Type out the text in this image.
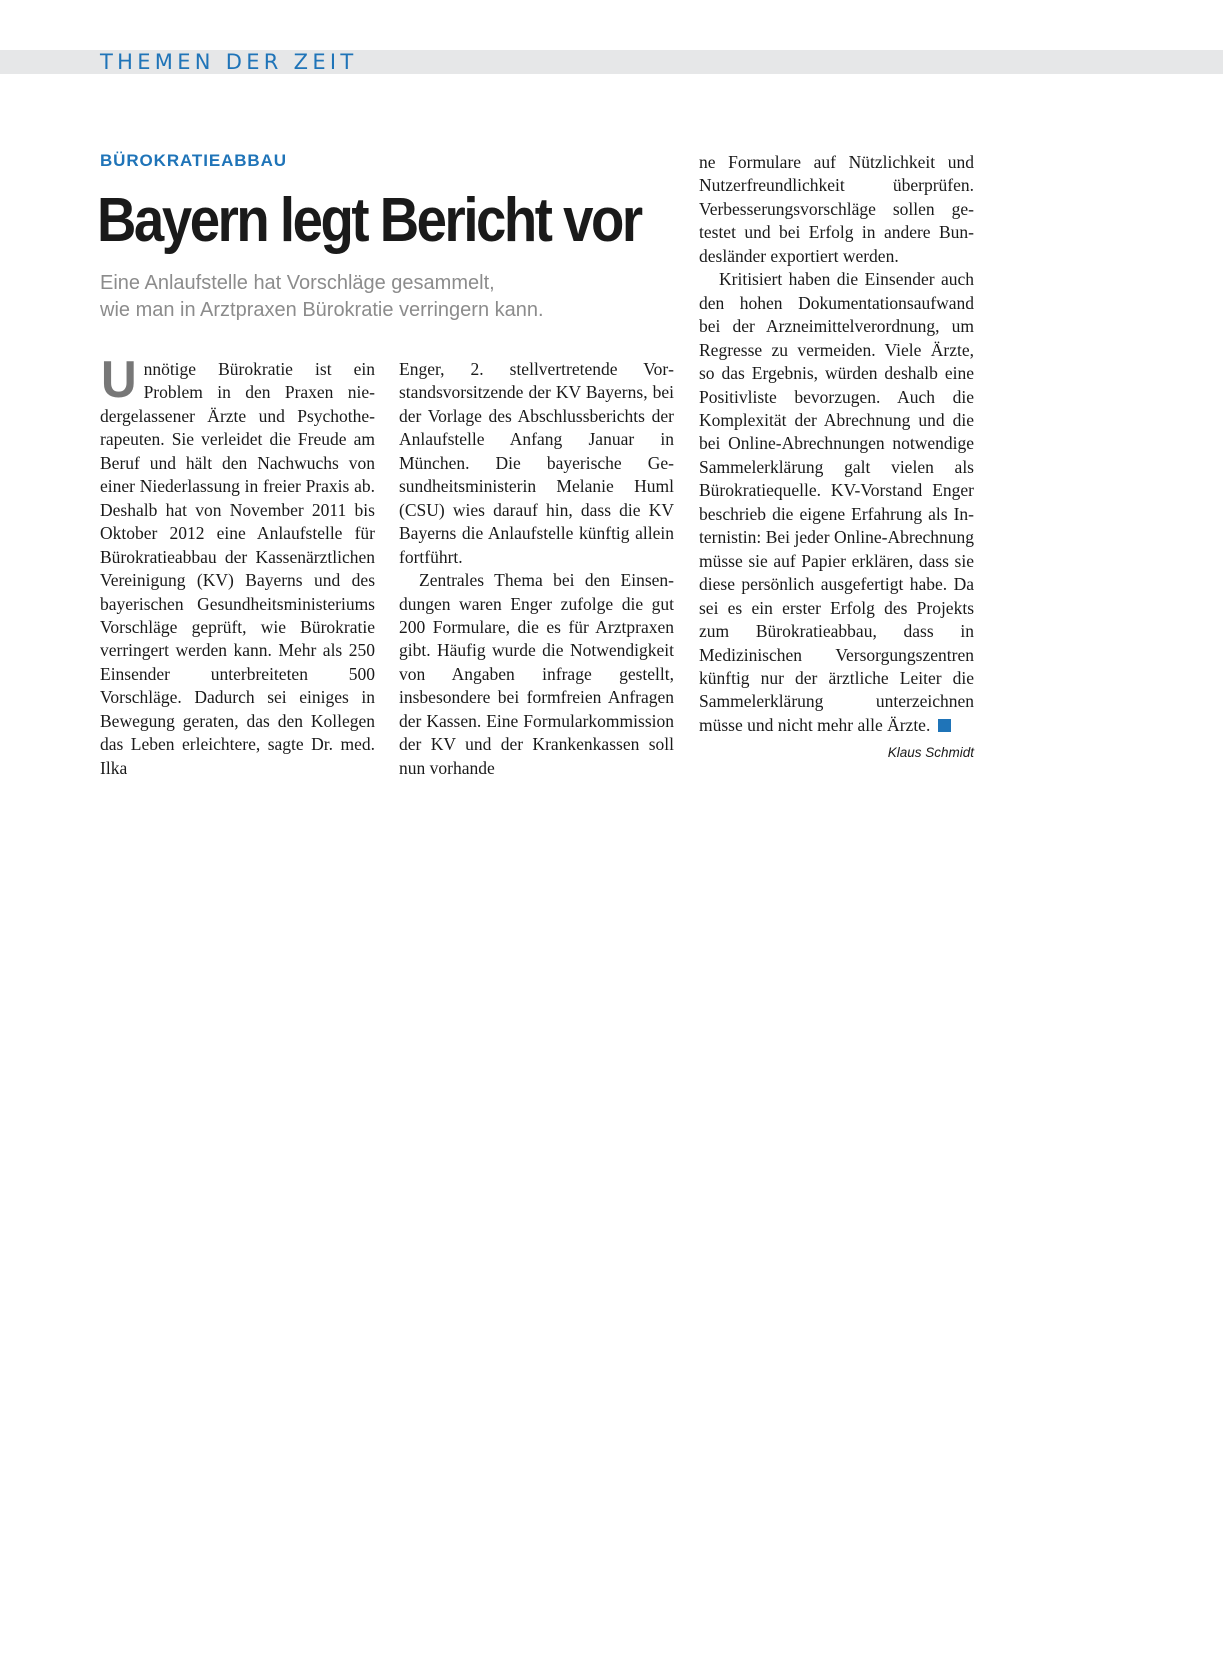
THEMEN DER ZEIT
BÜROKRATIEABBAU
Bayern legt Bericht vor
Eine Anlaufstelle hat Vorschläge gesammelt,
wie man in Arztpraxen Bürokratie verringern kann.

Unnötige Bürokratie ist ein Problem in den Praxen niedergelassener Ärzte und Psychotherapeuten. Sie verleidet die Freude am Beruf und hält den Nachwuchs von einer Niederlassung in freier Praxis ab. Deshalb hat von November 2011 bis Oktober 2012 eine Anlaufstelle für Bürokratieabbau der Kassenärztlichen Vereinigung (KV) Bayerns und des bayerischen Gesundheitsministeriums Vorschläge geprüft, wie Bürokratie verringert werden kann. Mehr als 250 Einsender unterbreiteten 500 Vorschläge. Dadurch sei einiges in Bewegung geraten, das den Kollegen das Leben erleichtere, sagte Dr. med. Ilka

Enger, 2. stellvertretende Vorstandsvorsitzende der KV Bayerns, bei der Vorlage des Abschlussberichts der Anlaufstelle Anfang Januar in München. Die bayerische Gesundheitsministerin Melanie Huml (CSU) wies darauf hin, dass die KV Bayerns die Anlaufstelle künftig allein fortführt.

Zentrales Thema bei den Einsendungen waren Enger zufolge die gut 200 Formulare, die es für Arztpraxen gibt. Häufig wurde die Notwendigkeit von Angaben infrage gestellt, insbesondere bei formfreien Anfragen der Kassen. Eine Formularkommission der KV und der Krankenkassen soll nun vorhande

ne Formulare auf Nützlichkeit und Nutzerfreundlichkeit überprüfen. Verbesserungsvorschläge sollen getestet und bei Erfolg in andere Bundesländer exportiert werden.

Kritisiert haben die Einsender auch den hohen Dokumentationsaufwand bei der Arzneimittelverordnung, um Regresse zu vermeiden. Viele Ärzte, so das Ergebnis, würden deshalb eine Positivliste bevorzugen. Auch die Komplexität der Abrechnung und die bei Online-Abrechnungen notwendige Sammelerklärung galt vielen als Bürokratiequelle. KV-Vorstand Enger beschrieb die eigene Erfahrung als Internistin: Bei jeder Online-Abrechnung müsse sie auf Papier erklären, dass sie diese persönlich ausgefertigt habe. Da sei es ein erster Erfolg des Projekts zum Bürokratieabbau, dass in Medizinischen Versorgungszentren künftig nur der ärztliche Leiter die Sammelerklärung unterzeichnen müsse und nicht mehr alle Ärzte.

Klaus Schmidt
